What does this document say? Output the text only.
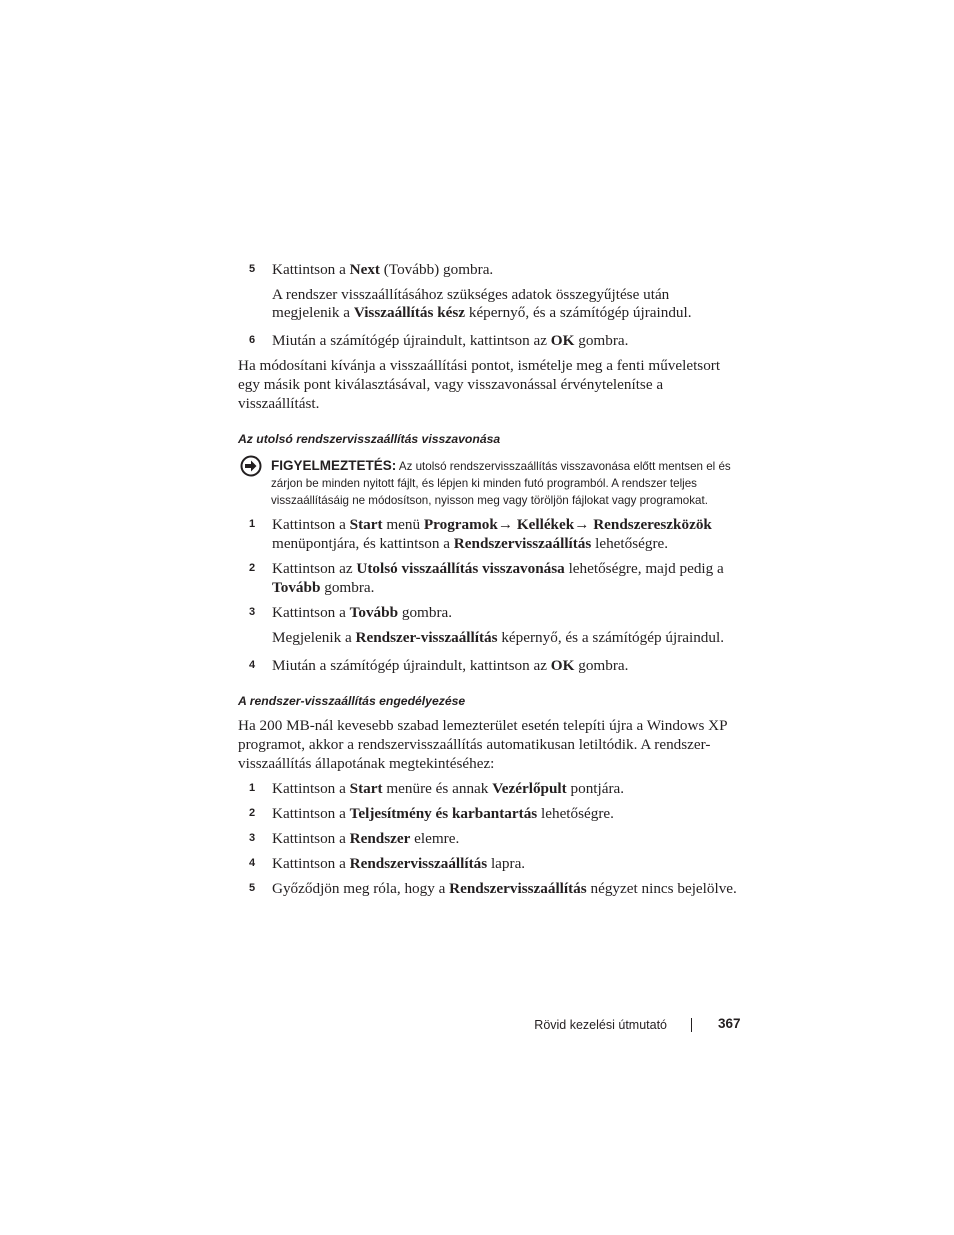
5	Kattintson a Next (Tovább) gombra.
A rendszer visszaállításához szükséges adatok összegyűjtése után
megjelenik a Visszaállítás kész képernyő, és a számítógép újraindul.
6	Miután a számítógép újraindult, kattintson az OK gombra.
Ha módosítani kívánja a visszaállítási pontot, ismételje meg a fenti műveletsort
egy másik pont kiválasztásával, vagy visszavonással érvénytelenítse a
visszaállítást.
Az utolsó rendszervisszaállítás visszavonása
FIGYELMEZTETÉS: Az utolsó rendszervisszaállítás visszavonása előtt mentsen el és
zárjon be minden nyitott fájlt, és lépjen ki minden futó programból. A rendszer teljes
visszaállításáig ne módosítson, nyisson meg vagy töröljön fájlokat vagy programokat.
1	Kattintson a Start menü Programok→ Kellékek→ Rendszereszközök
menüpontjára, és kattintson a Rendszervisszaállítás lehetőségre.
2	Kattintson az Utolsó visszaállítás visszavonása lehetőségre, majd pedig a
Tovább gombra.
3	Kattintson a Tovább gombra.
Megjelenik a Rendszer-visszaállítás képernyő, és a számítógép újraindul.
4	Miután a számítógép újraindult, kattintson az OK gombra.
A rendszer-visszaállítás engedélyezése
Ha 200 MB-nál kevesebb szabad lemezterület esetén telepíti újra a Windows XP
programot, akkor a rendszervisszaállítás automatikusan letiltódik. A rendszer-
visszaállítás állapotának megtekintéséhez:
1	Kattintson a Start menüre és annak Vezérlőpult pontjára.
2	Kattintson a Teljesítmény és karbantartás lehetőségre.
3	Kattintson a Rendszer elemre.
4	Kattintson a Rendszervisszaállítás lapra.
5	Győződjön meg róla, hogy a Rendszervisszaállítás négyzet nincs bejelölve.
Rövid kezelési útmutató	367
